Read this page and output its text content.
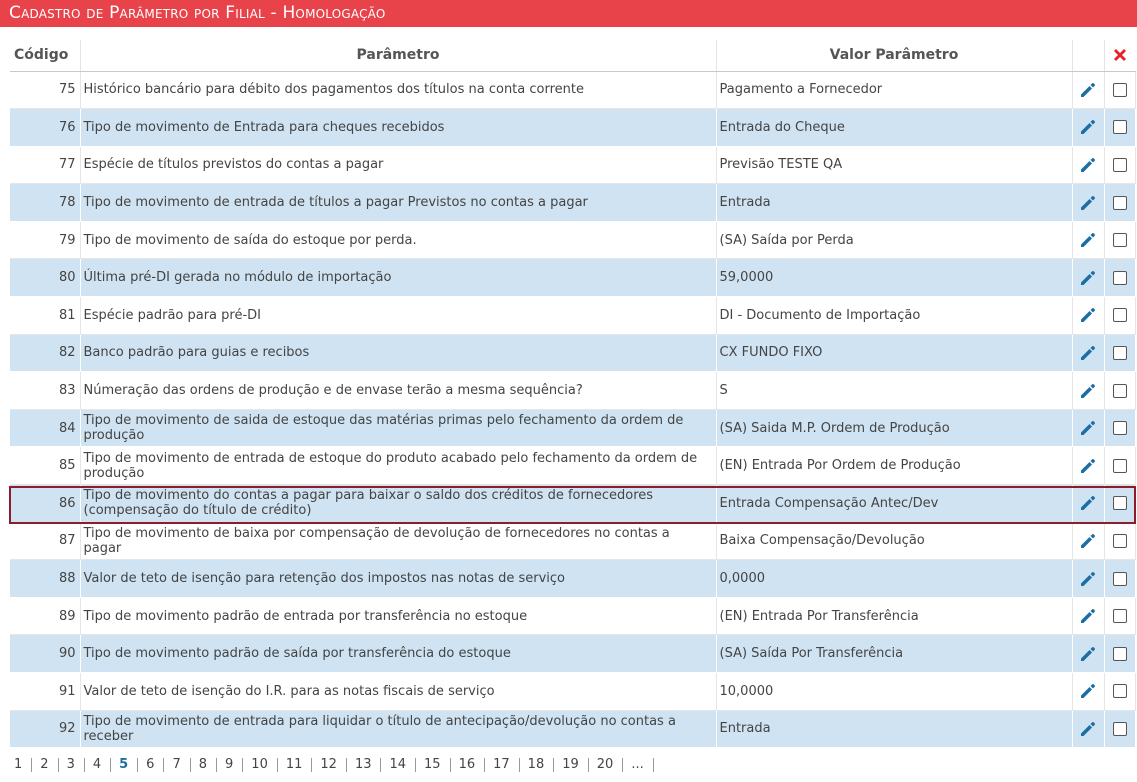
Cadastro de Parâmetro por Filial - Homologação
Código	Parâmetro	Valor Parâmetro		
75	Histórico bancário para débito dos pagamentos dos títulos na conta corrente	Pagamento a Fornecedor		
76	Tipo de movimento de Entrada para cheques recebidos	Entrada do Cheque		
77	Espécie de títulos previstos do contas a pagar	Previsão TESTE QA		
78	Tipo de movimento de entrada de títulos a pagar Previstos no contas a pagar	Entrada		
79	Tipo de movimento de saída do estoque por perda.	(SA) Saída por Perda		
80	Última pré-DI gerada no módulo de importação	59,0000		
81	Espécie padrão para pré-DI	DI - Documento de Importação		
82	Banco padrão para guias e recibos	CX FUNDO FIXO		
83	Númeração das ordens de produção e de envase terão a mesma sequência?	S		
84	Tipo de movimento de saida de estoque das matérias primas pelo fechamento da ordem de produção	(SA) Saida M.P. Ordem de Produção		
85	Tipo de movimento de entrada de estoque do produto acabado pelo fechamento da ordem de produção	(EN) Entrada Por Ordem de Produção		
86	Tipo de movimento do contas a pagar para baixar o saldo dos créditos de fornecedores (compensação do título de crédito)	Entrada Compensação Antec/Dev		
87	Tipo de movimento de baixa por compensação de devolução de fornecedores no contas a pagar	Baixa Compensação/Devolução		
88	Valor de teto de isenção para retenção dos impostos nas notas de serviço	0,0000		
89	Tipo de movimento padrão de entrada por transferência no estoque	(EN) Entrada Por Transferência		
90	Tipo de movimento padrão de saída por transferência do estoque	(SA) Saída Por Transferência		
91	Valor de teto de isenção do I.R. para as notas fiscais de serviço	10,0000		
92	Tipo de movimento de entrada para liquidar o título de antecipação/devolução no contas a receber	Entrada		
1	2	3	4	5	6	7	8	9	10	11	12	13	14	15	16	17	18	19	20	...
